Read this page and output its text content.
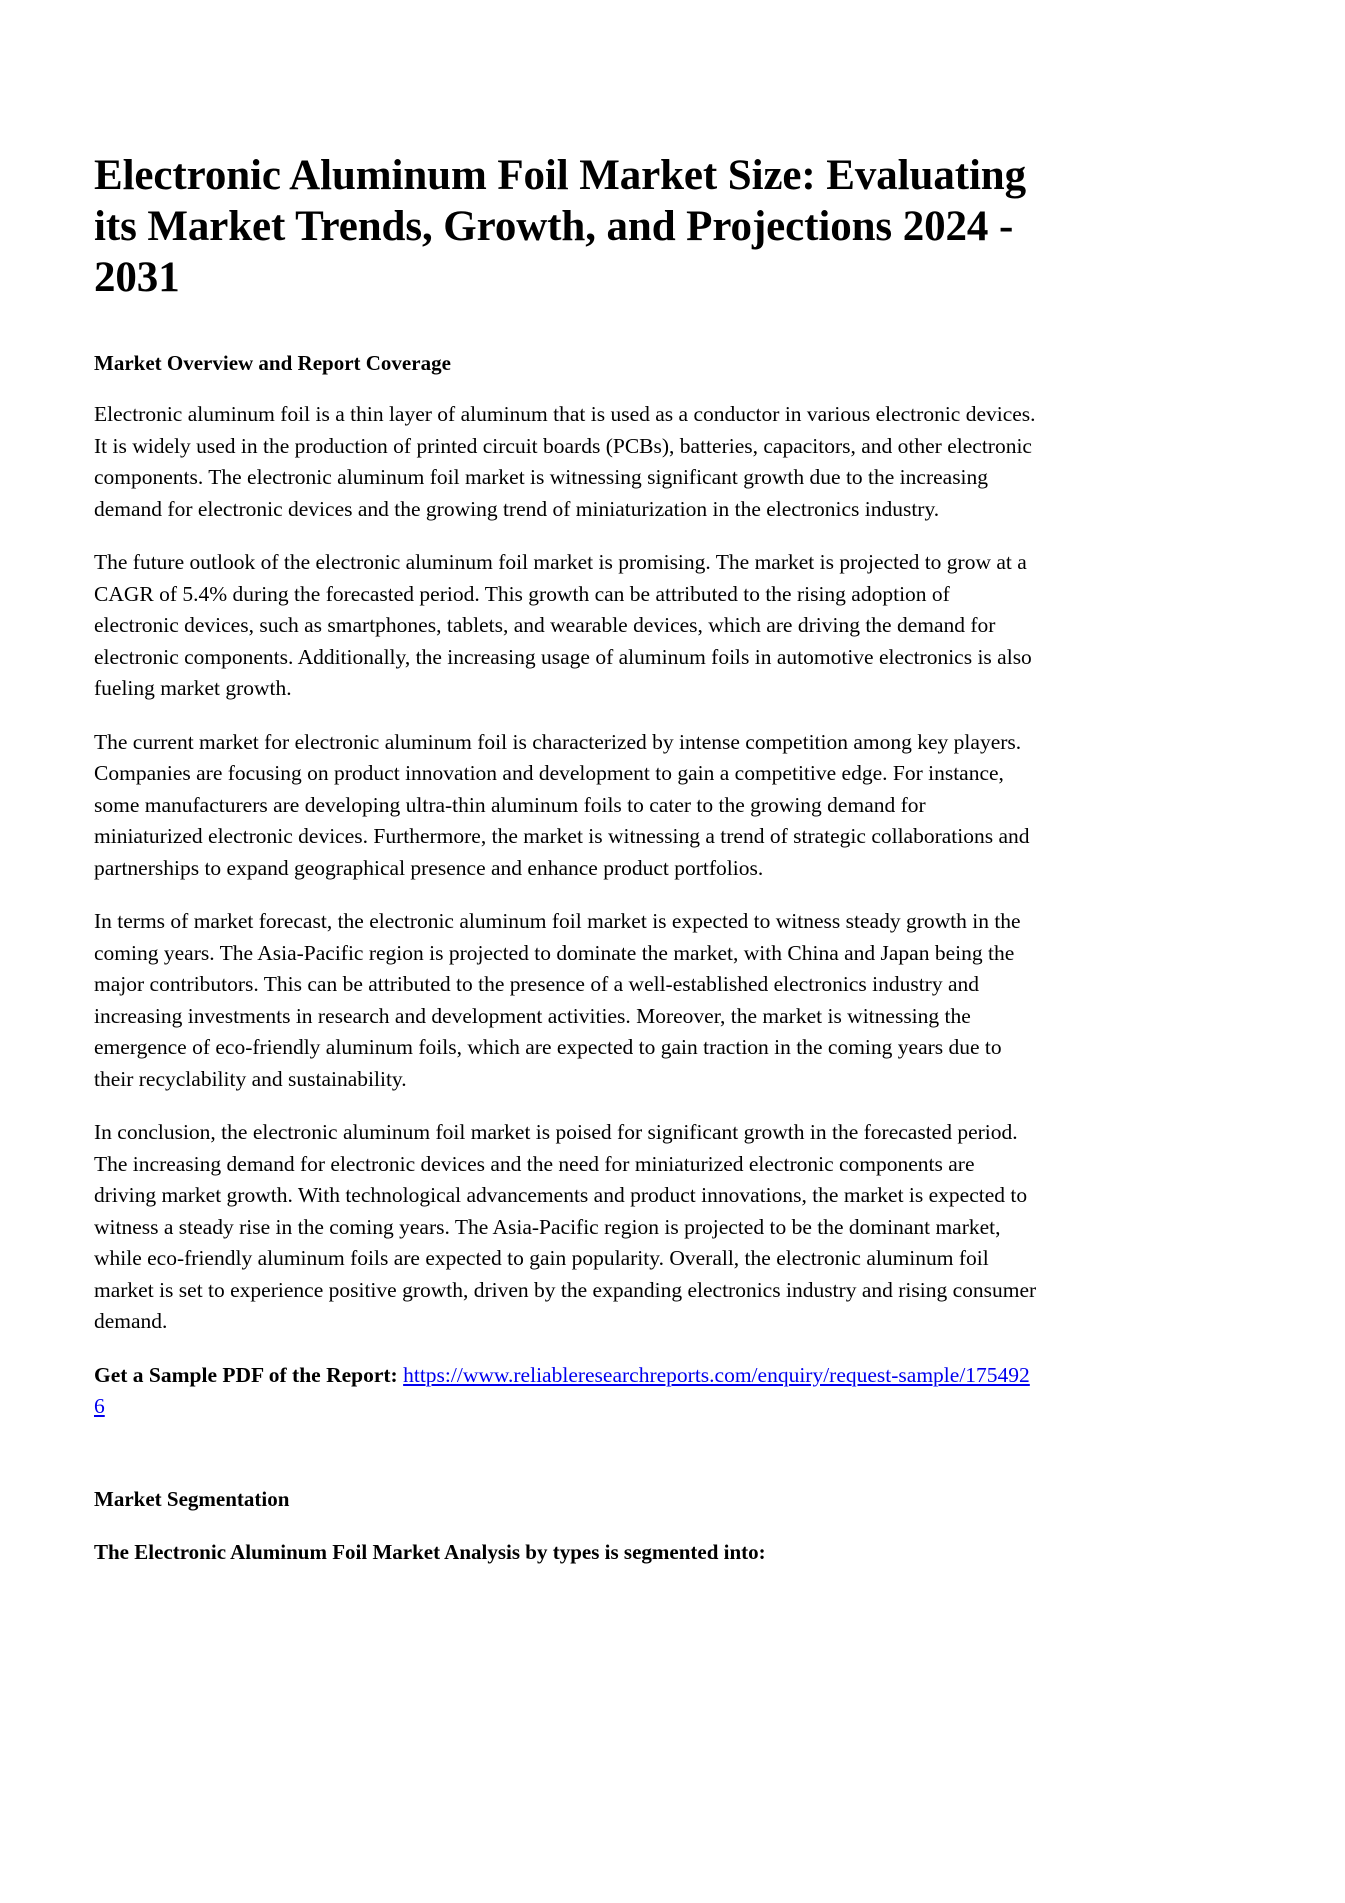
Electronic Aluminum Foil Market Size: Evaluating its Market Trends, Growth, and Projections 2024 - 2031
Market Overview and Report Coverage

Electronic aluminum foil is a thin layer of aluminum that is used as a conductor in various electronic devices. It is widely used in the production of printed circuit boards (PCBs), batteries, capacitors, and other electronic components. The electronic aluminum foil market is witnessing significant growth due to the increasing demand for electronic devices and the growing trend of miniaturization in the electronics industry.

The future outlook of the electronic aluminum foil market is promising. The market is projected to grow at a CAGR of 5.4% during the forecasted period. This growth can be attributed to the rising adoption of electronic devices, such as smartphones, tablets, and wearable devices, which are driving the demand for electronic components. Additionally, the increasing usage of aluminum foils in automotive electronics is also fueling market growth.

The current market for electronic aluminum foil is characterized by intense competition among key players. Companies are focusing on product innovation and development to gain a competitive edge. For instance, some manufacturers are developing ultra-thin aluminum foils to cater to the growing demand for miniaturized electronic devices. Furthermore, the market is witnessing a trend of strategic collaborations and partnerships to expand geographical presence and enhance product portfolios.

In terms of market forecast, the electronic aluminum foil market is expected to witness steady growth in the coming years. The Asia-Pacific region is projected to dominate the market, with China and Japan being the major contributors. This can be attributed to the presence of a well-established electronics industry and increasing investments in research and development activities. Moreover, the market is witnessing the emergence of eco-friendly aluminum foils, which are expected to gain traction in the coming years due to their recyclability and sustainability.

In conclusion, the electronic aluminum foil market is poised for significant growth in the forecasted period. The increasing demand for electronic devices and the need for miniaturized electronic components are driving market growth. With technological advancements and product innovations, the market is expected to witness a steady rise in the coming years. The Asia-Pacific region is projected to be the dominant market, while eco-friendly aluminum foils are expected to gain popularity. Overall, the electronic aluminum foil market is set to experience positive growth, driven by the expanding electronics industry and rising consumer demand.

Get a Sample PDF of the Report: https://www.reliableresearchreports.com/enquiry/request-sample/1754926

Market Segmentation
The Electronic Aluminum Foil Market Analysis by types is segmented into:
